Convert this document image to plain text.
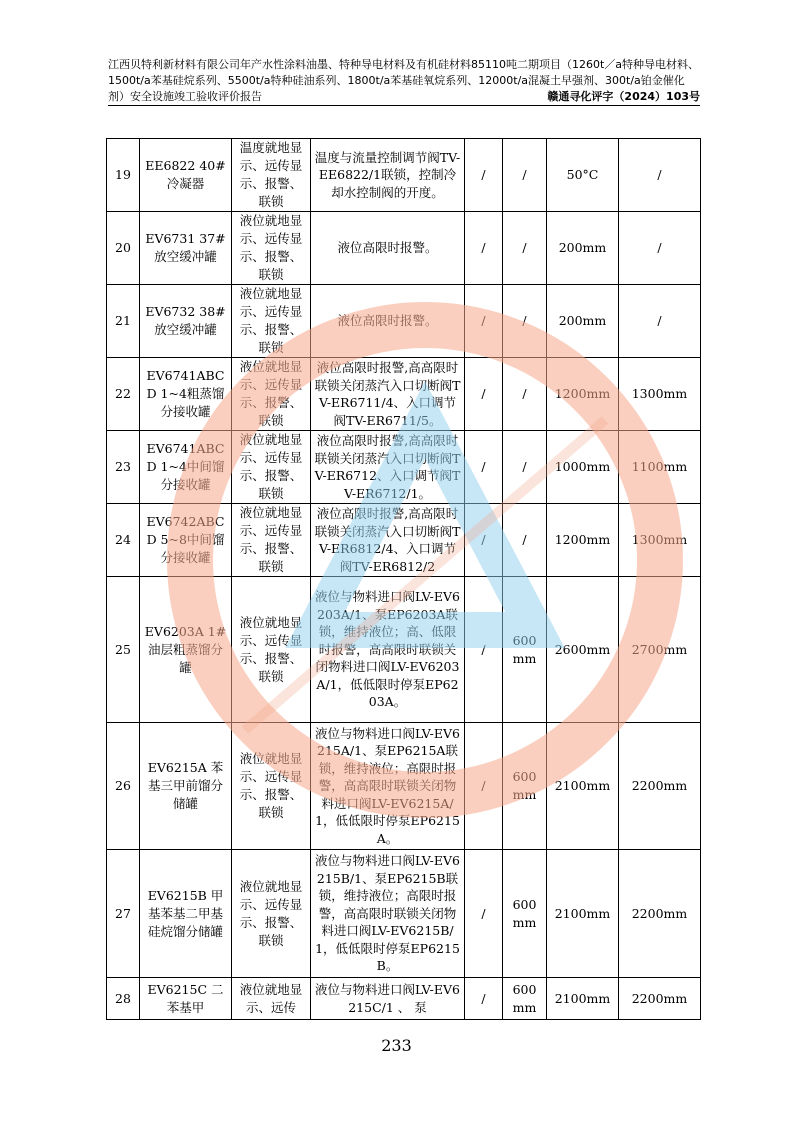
江西贝特利新材料有限公司年产水性涂料油墨、特种导电材料及有机硅材料85110吨二期项目（1260t／a特种导电材料、1500t/a苯基硅烷系列、5500t/a特种硅油系列、1800t/a苯基硅氧烷系列、12000t/a混凝土早强剂、300t/a铂金催化剂）安全设施竣工验收评价报告	赣通寻化评字（2024）103号
19	EE6822 40#冷凝器	温度就地显示、远传显示、报警、联锁	温度与流量控制调节阀TV-EE6822/1联锁，控制冷却水控制阀的开度。	/	/	50°C	/
20	EV6731 37#放空缓冲罐	液位就地显示、远传显示、报警、联锁	液位高限时报警。	/	/	200mm	/
21	EV6732 38#放空缓冲罐	液位就地显示、远传显示、报警、联锁	液位高限时报警。	/	/	200mm	/
22	EV6741ABCD 1~4粗蒸馏分接收罐	液位就地显示、远传显示、报警、联锁	液位高限时报警,高高限时联锁关闭蒸汽入口切断阀TV-ER6711/4、入口调节阀TV-ER6711/5。	/	/	1200mm	1300mm
23	EV6741ABCD 1~4中间馏分接收罐	液位就地显示、远传显示、报警、联锁	液位高限时报警,高高限时联锁关闭蒸汽入口切断阀TV-ER6712、入口调节阀TV-ER6712/1。	/	/	1000mm	1100mm
24	EV6742ABCD 5~8中间馏分接收罐	液位就地显示、远传显示、报警、联锁	液位高限时报警,高高限时联锁关闭蒸汽入口切断阀TV-ER6812/4、入口调节阀TV-ER6812/2	/	/	1200mm	1300mm
25	EV6203A 1#油层粗蒸馏分罐	液位就地显示、远传显示、报警、联锁	液位与物料进口阀LV-EV6203A/1、泵EP6203A联锁，维持液位；高、低限时报警，高高限时联锁关闭物料进口阀LV-EV6203A/1，低低限时停泵EP6203A。	/	600 mm	2600mm	2700mm
26	EV6215A 苯基三甲前馏分储罐	液位就地显示、远传显示、报警、联锁	液位与物料进口阀LV-EV6215A/1、泵EP6215A联锁，维持液位；高限时报警，高高限时联锁关闭物料进口阀LV-EV6215A/1，低低限时停泵EP6215A。	/	600 mm	2100mm	2200mm
27	EV6215B 甲基苯基二甲基硅烷馏分储罐	液位就地显示、远传显示、报警、联锁	液位与物料进口阀LV-EV6215B/1、泵EP6215B联锁，维持液位；高限时报警，高高限时联锁关闭物料进口阀LV-EV6215B/1，低低限时停泵EP6215B。	/	600 mm	2100mm	2200mm
28	EV6215C 二苯基甲	液位就地显示、远传	液位与物料进口阀LV-EV6215C/1 、 泵	/	600 mm	2100mm	2200mm
233
